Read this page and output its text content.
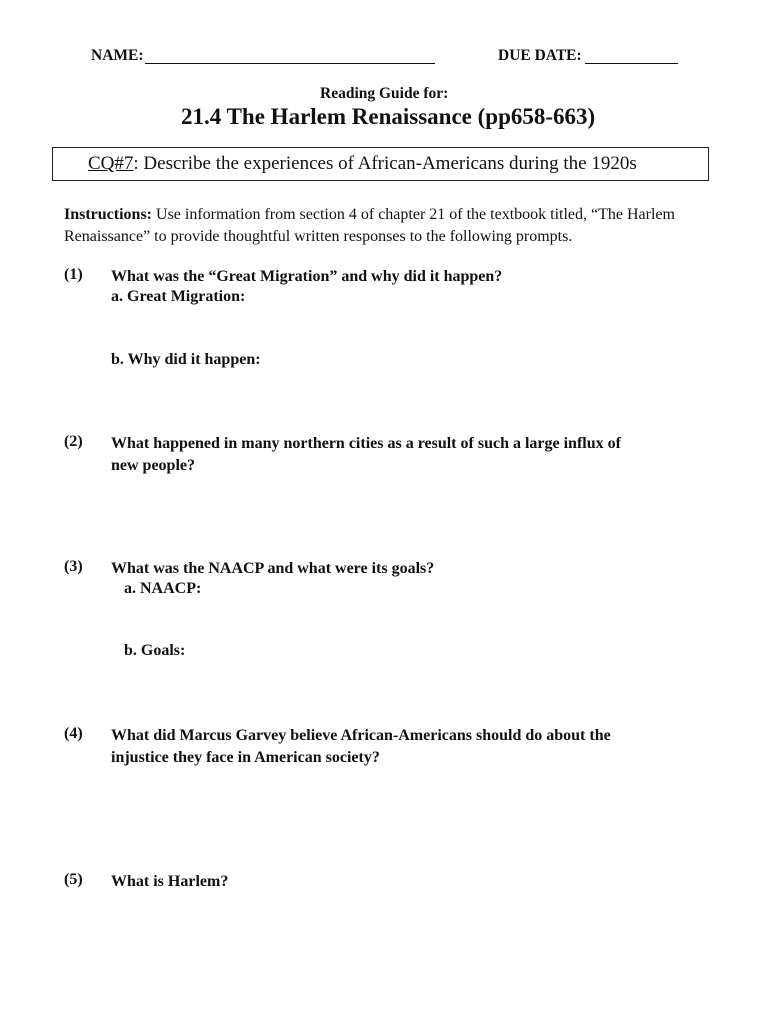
NAME:	DUE DATE:
Reading Guide for:
21.4 The Harlem Renaissance (pp658-663)
CQ#7: Describe the experiences of African-Americans during the 1920s
Instructions: Use information from section 4 of chapter 21 of the textbook titled, “The Harlem Renaissance” to provide thoughtful written responses to the following prompts.
(1) What was the “Great Migration” and why did it happen?
a. Great Migration:
b. Why did it happen:
(2) What happened in many northern cities as a result of such a large influx of
new people?
(3) What was the NAACP and what were its goals?
a. NAACP:
b. Goals:
(4) What did Marcus Garvey believe African-Americans should do about the
injustice they face in American society?
(5) What is Harlem?
